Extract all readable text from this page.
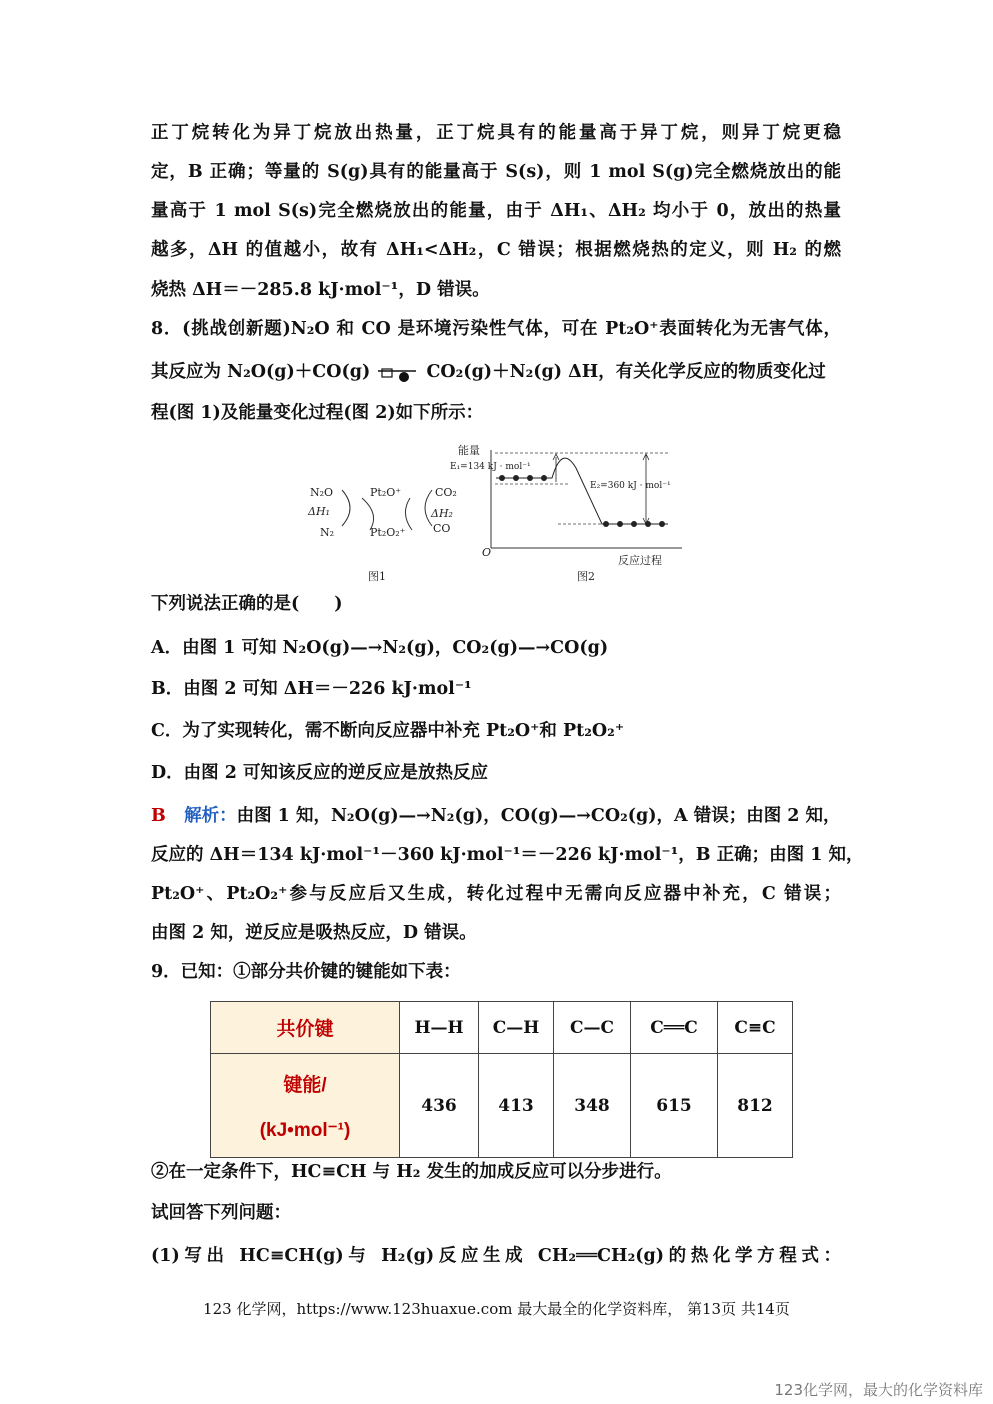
正丁烷转化为异丁烷放出热量，正丁烷具有的能量高于异丁烷，则异丁烷更稳
定，B 正确；等量的 S(g)具有的能量高于 S(s)，则 1 mol S(g)完全燃烧放出的能
量高于 1 mol S(s)完全燃烧放出的能量，由于 ΔH₁、ΔH₂ 均小于 0，放出的热量
越多，ΔH 的值越小，故有 ΔH₁<ΔH₂，C 错误；根据燃烧热的定义，则 H₂ 的燃
烧热 ΔH＝－285.8 kJ·mol⁻¹，D 错误。
8．(挑战创新题)N₂O 和 CO 是环境污染性气体，可在 Pt₂O⁺表面转化为无害气体，
其反应为 N₂O(g)＋CO(g)	CO₂(g)＋N₂(g) ΔH，有关化学反应的物质变化过
程(图 1)及能量变化过程(图 2)如下所示：
N₂O
ΔH₁
N₂
Pt₂O⁺
Pt₂O₂⁺
CO₂
ΔH₂
CO
图1
能量
O
反应过程
E₁=134 kJ · mol⁻¹
E₂=360 kJ · mol⁻¹
图2
下列说法正确的是(　　)
A．由图 1 可知 N₂O(g)—→N₂(g)，CO₂(g)—→CO(g)
B．由图 2 可知 ΔH＝－226 kJ·mol⁻¹
C．为了实现转化，需不断向反应器中补充 Pt₂O⁺和 Pt₂O₂⁺
D．由图 2 可知该反应的逆反应是放热反应
B 解析：由图 1 知，N₂O(g)—→N₂(g)，CO(g)—→CO₂(g)，A 错误；由图 2 知，
反应的 ΔH＝134 kJ·mol⁻¹－360 kJ·mol⁻¹＝－226 kJ·mol⁻¹，B 正确；由图 1 知，
Pt₂O⁺、Pt₂O₂⁺参与反应后又生成，转化过程中无需向反应器中补充，C 错误；
由图 2 知，逆反应是吸热反应，D 错误。
9．已知：①部分共价键的键能如下表：
共价键	H—H	C—H	C—C	C══C	C≡C

键能/
(kJ•mol⁻¹)	436	413	348	615	812
②在一定条件下，HC≡CH 与 H₂ 发生的加成反应可以分步进行。
试回答下列问题：
(1)写出 HC≡CH(g)与 H₂(g)反应生成 CH₂══CH₂(g)的热化学方程式：
123 化学网，https://www.123huaxue.com 最大最全的化学资料库， 第13页 共14页
123化学网，最大的化学资料库
